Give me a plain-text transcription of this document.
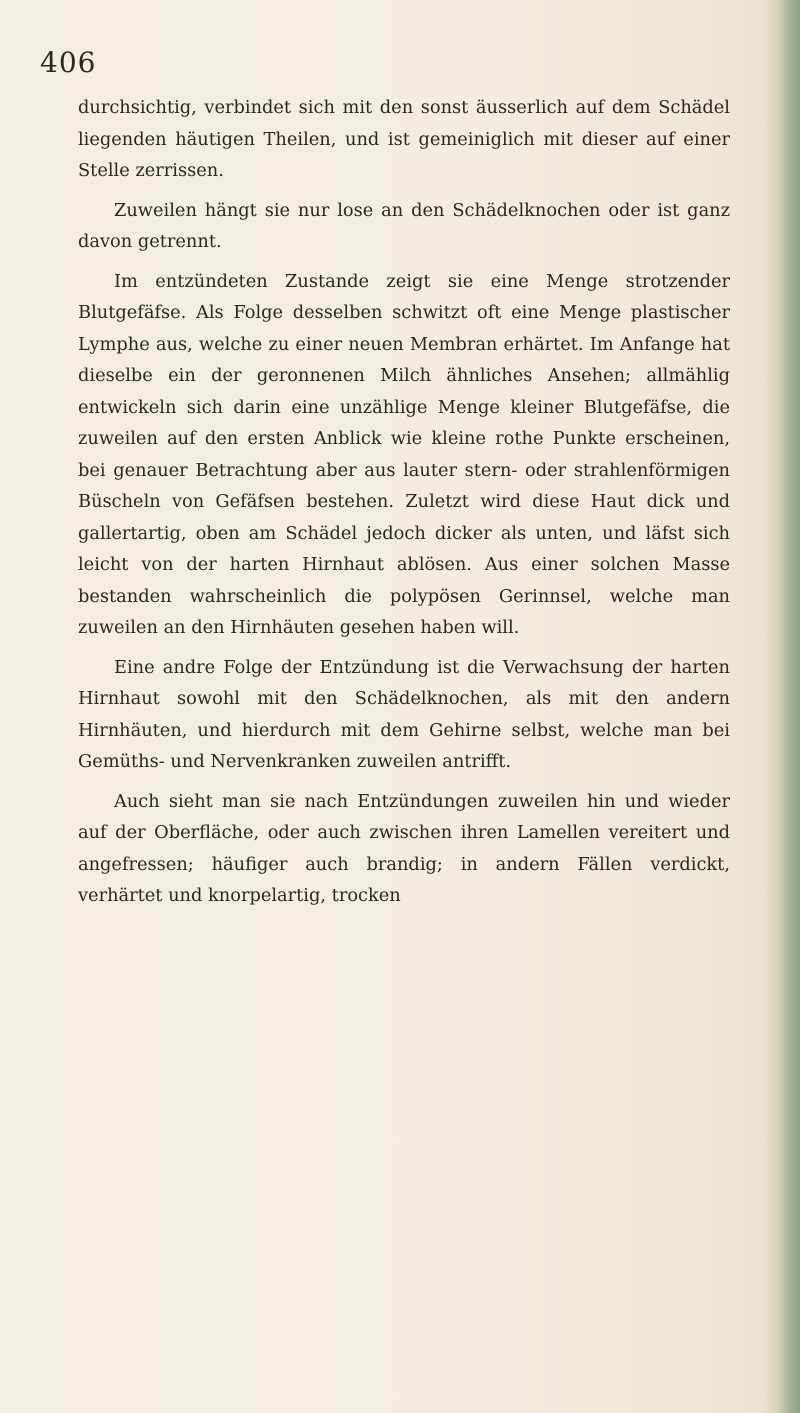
406

durchsichtig, verbindet sich mit den sonst äusserlich auf dem Schädel liegenden häutigen Theilen, und ist gemeiniglich mit dieser auf einer Stelle zerrissen.

Zuweilen hängt sie nur lose an den Schädelknochen oder ist ganz davon getrennt.

Im entzündeten Zustande zeigt sie eine Menge strotzender Blutgefäfse. Als Folge desselben schwitzt oft eine Menge plastischer Lymphe aus, welche zu einer neuen Membran erhärtet. Im Anfange hat dieselbe ein der geronnenen Milch ähnliches Ansehen; allmählig entwickeln sich darin eine unzählige Menge kleiner Blutgefäfse, die zuweilen auf den ersten Anblick wie kleine rothe Punkte erscheinen, bei genauer Betrachtung aber aus lauter stern- oder strahlenförmigen Büscheln von Gefäfsen bestehen. Zuletzt wird diese Haut dick und gallertartig, oben am Schädel jedoch dicker als unten, und läfst sich leicht von der harten Hirnhaut ablösen. Aus einer solchen Masse bestanden wahrscheinlich die polypösen Gerinnsel, welche man zuweilen an den Hirnhäuten gesehen haben will.

Eine andre Folge der Entzündung ist die Verwachsung der harten Hirnhaut sowohl mit den Schädelknochen, als mit den andern Hirnhäuten, und hierdurch mit dem Gehirne selbst, welche man bei Gemüths- und Nervenkranken zuweilen antrifft.

Auch sieht man sie nach Entzündungen zuweilen hin und wieder auf der Oberfläche, oder auch zwischen ihren Lamellen vereitert und angefressen; häufiger auch brandig; in andern Fällen verdickt, verhärtet und knorpelartig, trocken
